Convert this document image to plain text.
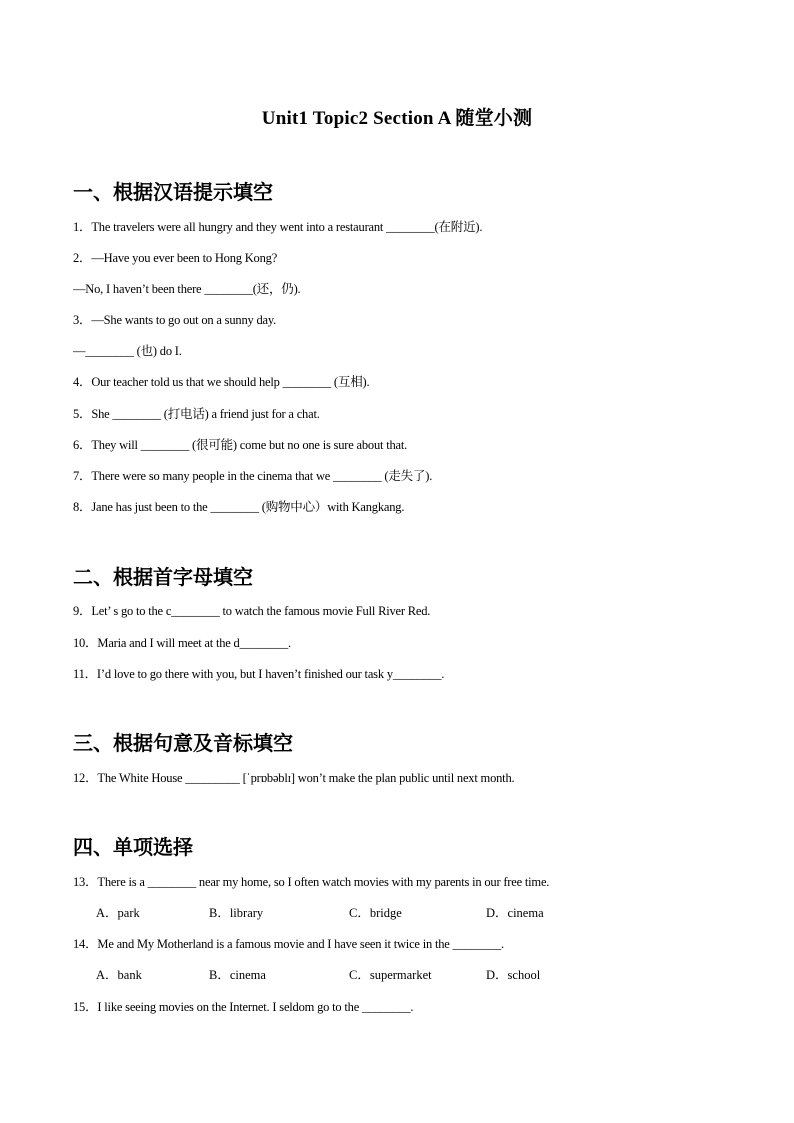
Unit1 Topic2 Section A 随堂小测
一、根据汉语提示填空
1．The travelers were all hungry and they went into a restaurant ________(在附近).
2．—Have you ever been to Hong Kong?
—No, I haven’t been there ________(还，仍).
3．—She wants to go out on a sunny day.
—________ (也) do I.
4．Our teacher told us that we should help ________ (互相).
5．She ________ (打电话) a friend just for a chat.
6．They will ________ (很可能) come but no one is sure about that.
7．There were so many people in the cinema that we ________ (走失了).
8．Jane has just been to the ________ (购物中心）with Kangkang.
二、根据首字母填空
9．Let’ s go to the c________ to watch the famous movie Full River Red.
10．Maria and I will meet at the d________.
11．I’d love to go there with you, but I haven’t finished our task y________.
三、根据句意及音标填空
12．The White House _________ [ˈprɒbəblɪ] won’t make the plan public until next month.
四、单项选择
13．There is a ________ near my home, so I often watch movies with my parents in our free time.
A．park	B．library	C．bridge	D．cinema
14．Me and My Motherland is a famous movie and I have seen it twice in the ________.
A．bank	B．cinema	C．supermarket	D．school
15．I like seeing movies on the Internet. I seldom go to the ________.
